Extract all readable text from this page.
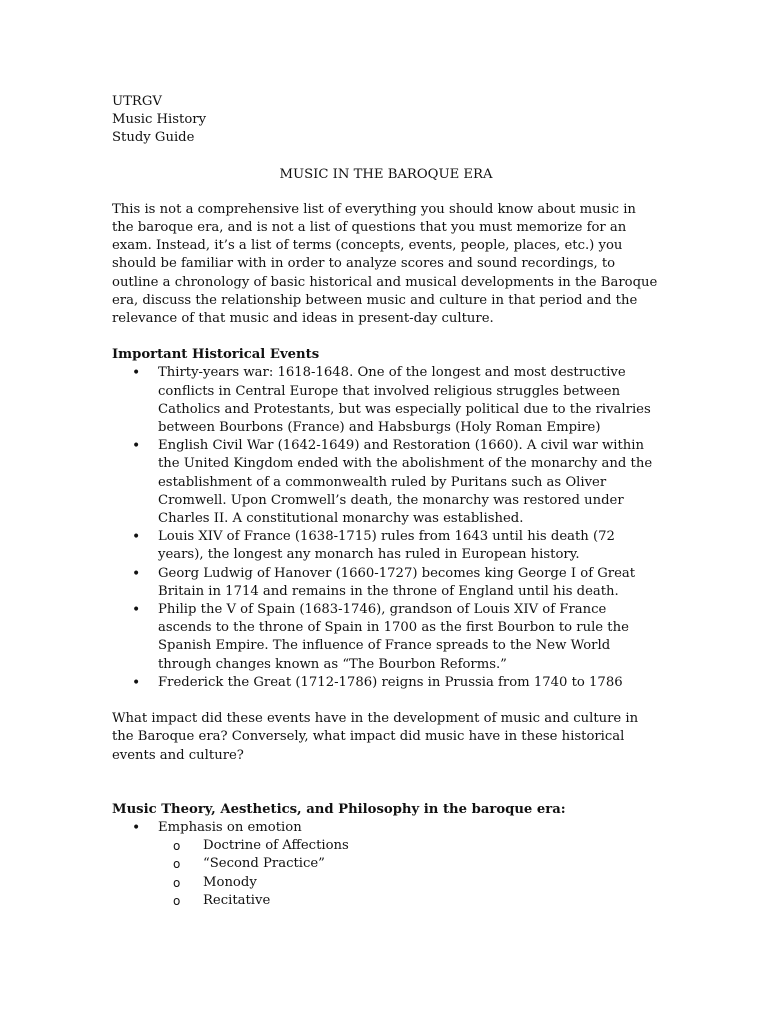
UTRGV
Music History
Study Guide
MUSIC IN THE BAROQUE ERA

This is not a comprehensive list of everything you should know about music in the baroque era, and is not a list of questions that you must memorize for an exam. Instead, it’s a list of terms (concepts, events, people, places, etc.) you should be familiar with in order to analyze scores and sound recordings, to outline a chronology of basic historical and musical developments in the Baroque era, discuss the relationship between music and culture in that period and the relevance of that music and ideas in present-day culture.

Important Historical Events
• Thirty-years war: 1618-1648. One of the longest and most destructive conflicts in Central Europe that involved religious struggles between Catholics and Protestants, but was especially political due to the rivalries between Bourbons (France) and Habsburgs (Holy Roman Empire)
• English Civil War (1642-1649) and Restoration (1660). A civil war within the United Kingdom ended with the abolishment of the monarchy and the establishment of a commonwealth ruled by Puritans such as Oliver Cromwell. Upon Cromwell’s death, the monarchy was restored under Charles II. A constitutional monarchy was established.
• Louis XIV of France (1638-1715) rules from 1643 until his death (72 years), the longest any monarch has ruled in European history.
• Georg Ludwig of Hanover (1660-1727) becomes king George I of Great Britain in 1714 and remains in the throne of England until his death.
• Philip the V of Spain (1683-1746), grandson of Louis XIV of France ascends to the throne of Spain in 1700 as the first Bourbon to rule the Spanish Empire. The influence of France spreads to the New World through changes known as “The Bourbon Reforms.”
• Frederick the Great (1712-1786) reigns in Prussia from 1740 to 1786

What impact did these events have in the development of music and culture in the Baroque era? Conversely, what impact did music have in these historical events and culture?

Music Theory, Aesthetics, and Philosophy in the baroque era:
• Emphasis on emotion
o Doctrine of Affections
o “Second Practice”
o Monody
o Recitative
